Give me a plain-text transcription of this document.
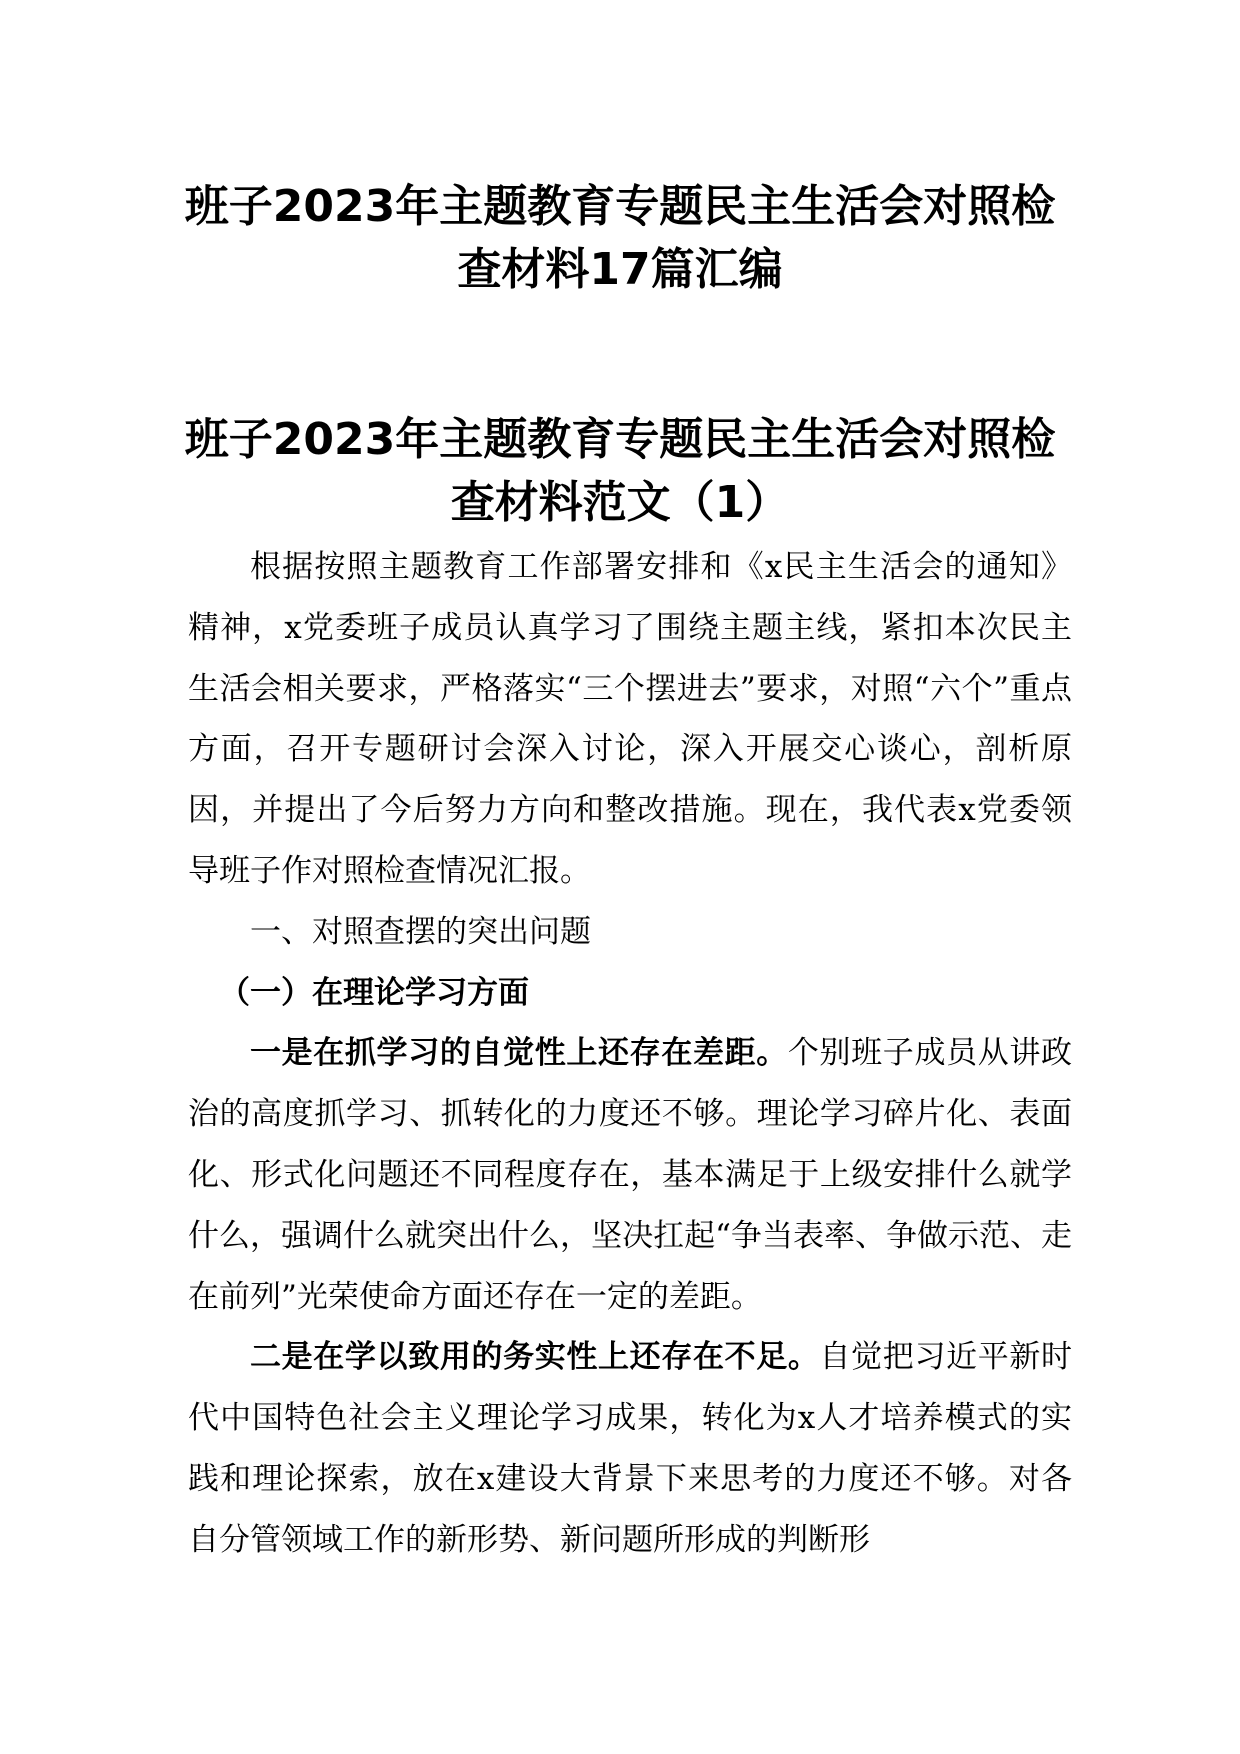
班子2023年主题教育专题民主生活会对照检
查材料17篇汇编
班子2023年主题教育专题民主生活会对照检
查材料范文（1）

根据按照主题教育工作部署安排和《x民主生活会的通知》精神，x党委班子成员认真学习了围绕主题主线，紧扣本次民主生活会相关要求，严格落实“三个摆进去”要求，对照“六个”重点方面，召开专题研讨会深入讨论，深入开展交心谈心，剖析原因，并提出了今后努力方向和整改措施。现在，我代表x党委领导班子作对照检查情况汇报。

一、对照查摆的突出问题

（一）在理论学习方面

一是在抓学习的自觉性上还存在差距。个别班子成员从讲政治的高度抓学习、抓转化的力度还不够。理论学习碎片化、表面化、形式化问题还不同程度存在，基本满足于上级安排什么就学什么，强调什么就突出什么，坚决扛起“争当表率、争做示范、走在前列”光荣使命方面还存在一定的差距。

二是在学以致用的务实性上还存在不足。自觉把习近平新时代中国特色社会主义理论学习成果，转化为x人才培养模式的实践和理论探索，放在x建设大背景下来思考的力度还不够。对各自分管领域工作的新形势、新问题所形成的判断形
